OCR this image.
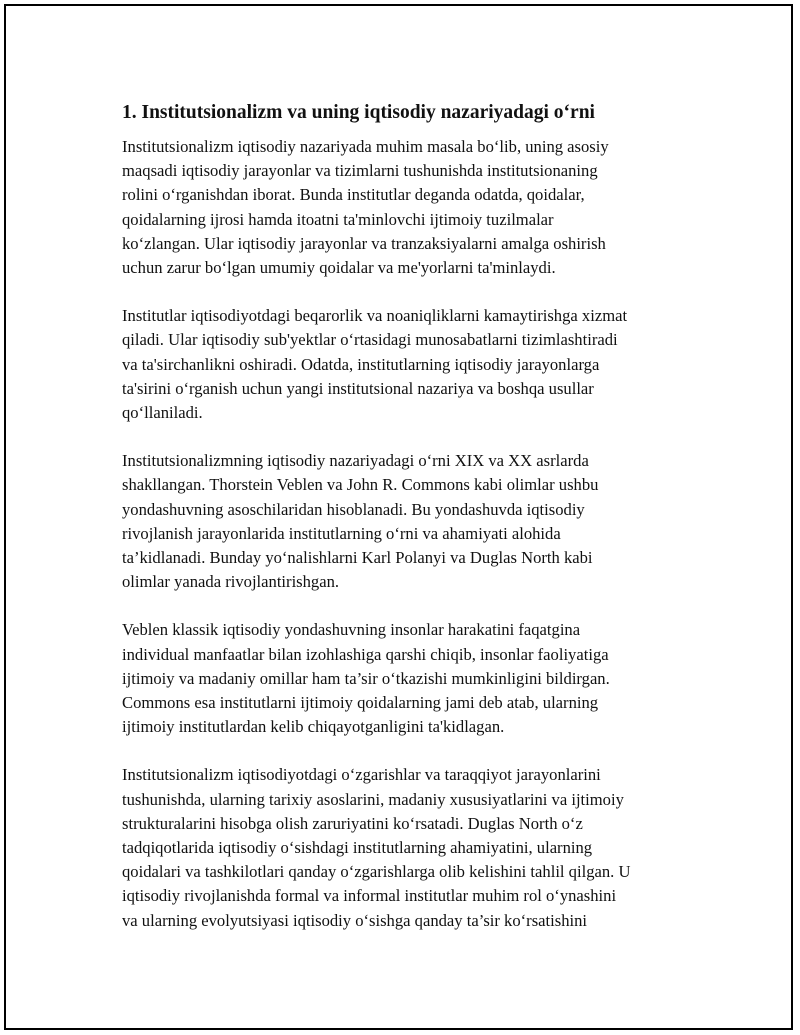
1. Institutsionalizm va uning iqtisodiy nazariyadagi o‘rni

Institutsionalizm iqtisodiy nazariyada muhim masala bo‘lib, uning asosiy
maqsadi iqtisodiy jarayonlar va tizimlarni tushunishda institutsionaning
rolini o‘rganishdan iborat. Bunda institutlar deganda odatda, qoidalar,
qoidalarning ijrosi hamda itoatni ta'minlovchi ijtimoiy tuzilmalar
ko‘zlangan. Ular iqtisodiy jarayonlar va tranzaksiyalarni amalga oshirish
uchun zarur bo‘lgan umumiy qoidalar va me'yorlarni ta'minlaydi.

Institutlar iqtisodiyotdagi beqarorlik va noaniqliklarni kamaytirishga xizmat
qiladi. Ular iqtisodiy sub'yektlar o‘rtasidagi munosabatlarni tizimlashtiradi
va ta'sirchanlikni oshiradi. Odatda, institutlarning iqtisodiy jarayonlarga
ta'sirini o‘rganish uchun yangi institutsional nazariya va boshqa usullar
qo‘llaniladi.

Institutsionalizmning iqtisodiy nazariyadagi o‘rni XIX va XX asrlarda
shakllangan. Thorstein Veblen va John R. Commons kabi olimlar ushbu
yondashuvning asoschilaridan hisoblanadi. Bu yondashuvda iqtisodiy
rivojlanish jarayonlarida institutlarning o‘rni va ahamiyati alohida
ta’kidlanadi. Bunday yo‘nalishlarni Karl Polanyi va Duglas North kabi
olimlar yanada rivojlantirishgan.

Veblen klassik iqtisodiy yondashuvning insonlar harakatini faqatgina
individual manfaatlar bilan izohlashiga qarshi chiqib, insonlar faoliyatiga
ijtimoiy va madaniy omillar ham ta’sir o‘tkazishi mumkinligini bildirgan.
Commons esa institutlarni ijtimoiy qoidalarning jami deb atab, ularning
ijtimoiy institutlardan kelib chiqayotganligini ta'kidlagan.

Institutsionalizm iqtisodiyotdagi o‘zgarishlar va taraqqiyot jarayonlarini
tushunishda, ularning tarixiy asoslarini, madaniy xususiyatlarini va ijtimoiy
strukturalarini hisobga olish zaruriyatini ko‘rsatadi. Duglas North o‘z
tadqiqotlarida iqtisodiy o‘sishdagi institutlarning ahamiyatini, ularning
qoidalari va tashkilotlari qanday o‘zgarishlarga olib kelishini tahlil qilgan. U
iqtisodiy rivojlanishda formal va informal institutlar muhim rol o‘ynashini
va ularning evolyutsiyasi iqtisodiy o‘sishga qanday ta’sir ko‘rsatishini
